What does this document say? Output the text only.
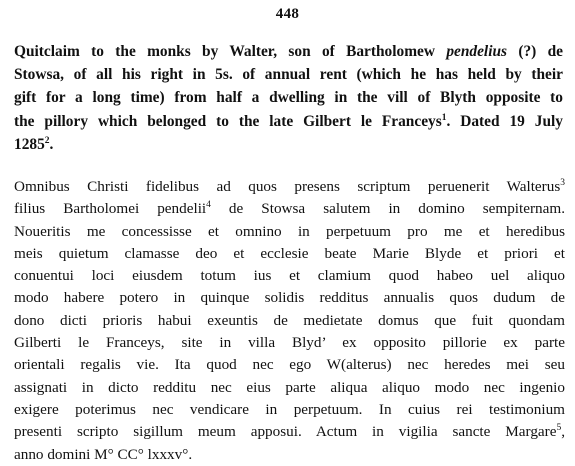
448

Quitclaim to the monks by Walter, son of Bartholomew pendelius (?) de
Stowsa, of all his right in 5s. of annual rent (which he has held by their
gift for a long time) from half a dwelling in the vill of Blyth opposite to
the pillory which belonged to the late Gilbert le Franceys$^1$. Dated 19 July
1285$^2$.

Omnibus Christi fidelibus ad quos presens scriptum peruenerit Walterus$^3$
filius Bartholomei pendelii$^4$ de Stowsa salutem in domino sempiternam.
Noueritis me concessisse et omnino in perpetuum pro me et heredibus
meis quietum clamasse deo et ecclesie beate Marie Blyde et priori et
conuentui loci eiusdem totum ius et clamium quod habeo uel aliquo
modo habere potero in quinque solidis redditus annualis quos dudum de
dono dicti prioris habui exeuntis de medietate domus que fuit quondam
Gilberti le Franceys, site in villa Blyd’ ex opposito pillorie ex parte
orientali regalis vie. Ita quod nec ego W(alterus) nec heredes mei seu
assignati in dicto redditu nec eius parte aliqua aliquo modo nec ingenio
exigere poterimus nec vendicare in perpetuum. In cuius rei testimonium
presenti scripto sigillum meum apposui. Actum in vigilia sancte Margare$^5$,
anno domini M° CC° lxxxv°.
